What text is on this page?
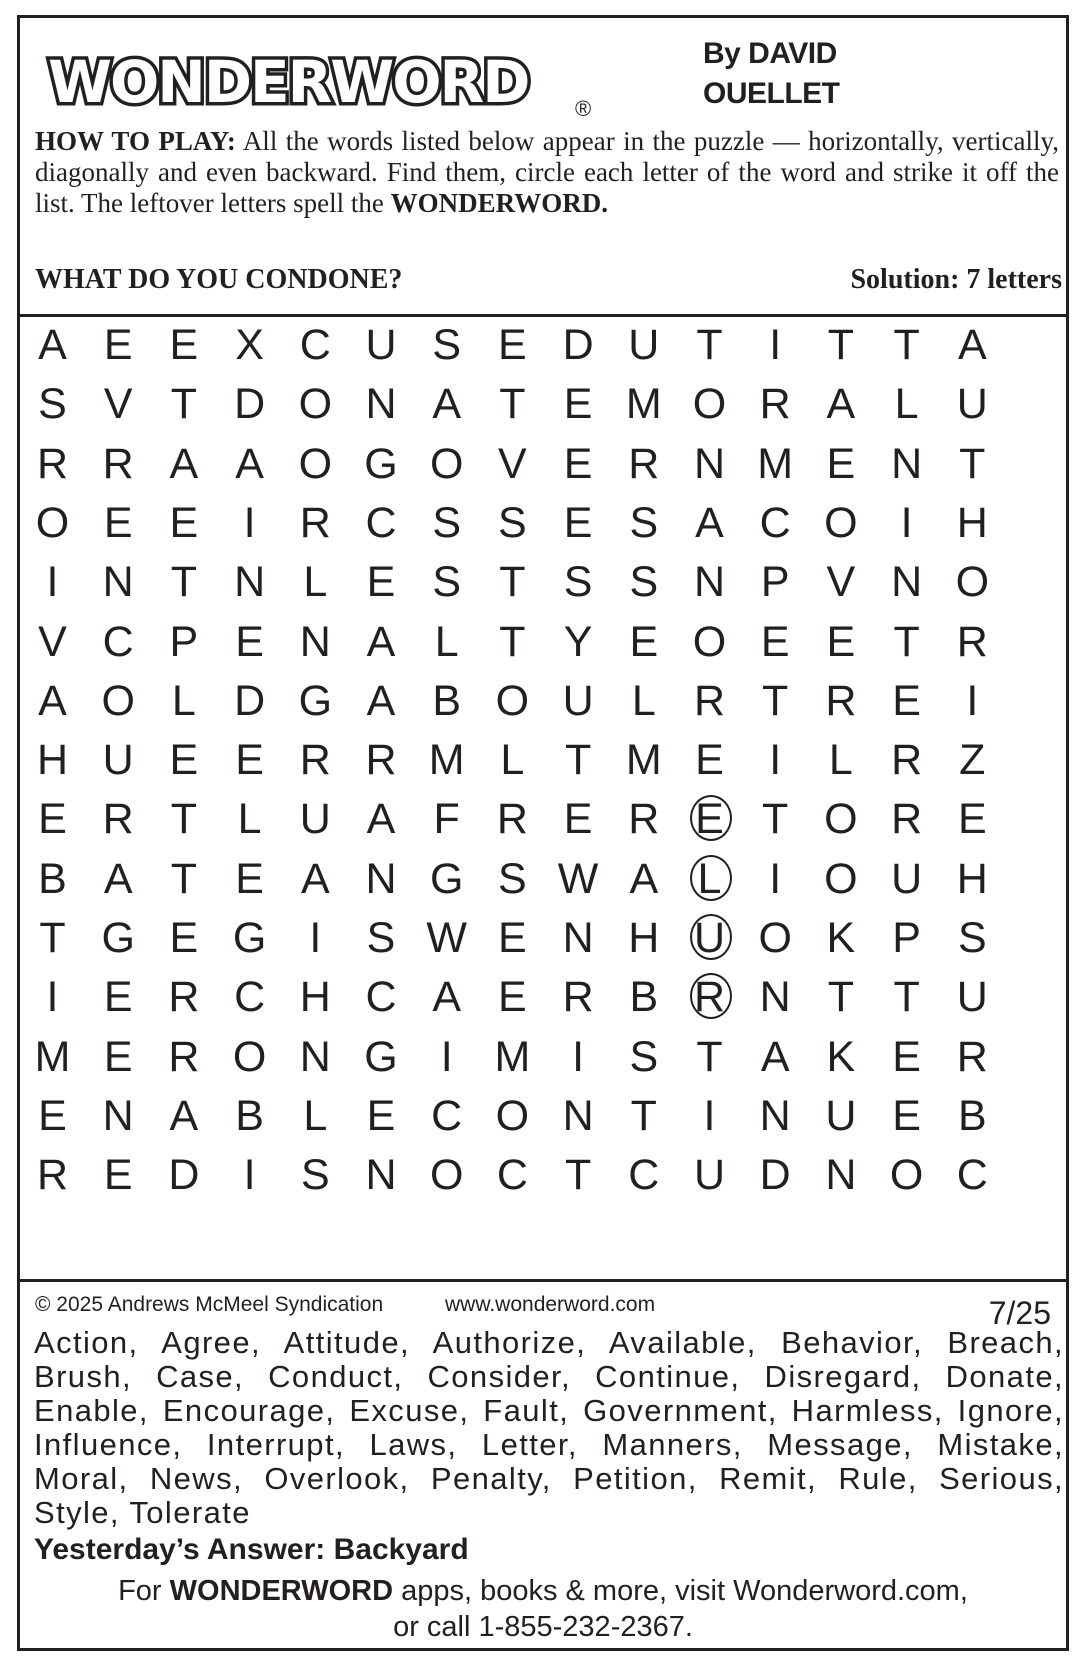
WONDERWORD ®
By DAVID
OUELLET
HOW TO PLAY: All the words listed below appear in the puzzle — horizontally, vertically, diagonally and even backward. Find them, circle each letter of the word and strike it off the list. The leftover letters spell the WONDERWORD.
WHAT DO YOU CONDONE?	Solution: 7 letters
A E E X C U S E D U T	I	T T A
S V T D O N A T E M O R A L U
R R A A O G O V E R N M E N T
O E E	I	R C S S E S A C O	I	H
I	N T N L E S T S S N P V N O
V C P E N A L T Y E O E E T R
A O L D G A B O U L R T R E	I
H U E E R R M L T M E	I	L R Z
E R T L U A F R E R E T O R E
B A T E A N G S W A L	I	O U H
T G E G	I	S W E N H U O K P S
I	E R C H C A E R B R N T T U
M E R O N G I M I	S T A K E R
E N A B L E C O N T	I	N U E B
R E D	I	S N O C T C U D N O C
© 2025 Andrews McMeel Syndication	www.wonderword.com	7/25
Action, Agree, Attitude, Authorize, Available, Behavior, Breach, Brush, Case, Conduct, Consider, Continue, Disregard, Donate, Enable, Encourage, Excuse, Fault, Government, Harmless, Ignore, Influence, Interrupt, Laws, Letter, Manners, Message, Mistake, Moral, News, Overlook, Penalty, Petition, Remit, Rule, Serious, Style, Tolerate
Yesterday’s Answer: Backyard
For WONDERWORD apps, books & more, visit Wonderword.com,
or call 1-855-232-2367.
